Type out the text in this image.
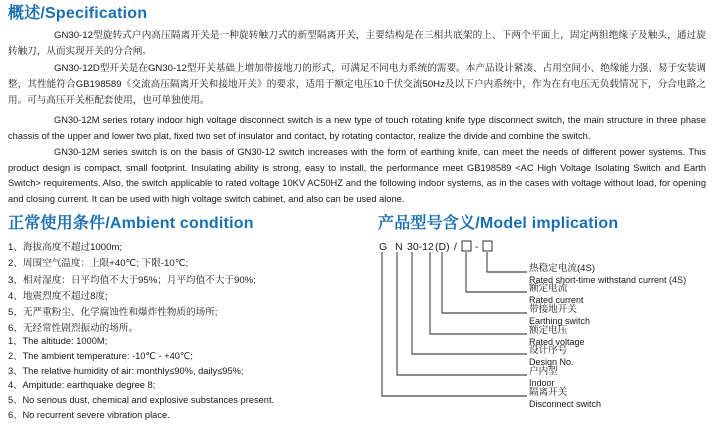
概述/Specification

GN30-12型旋转式户内高压隔离开关是一种旋转触刀式的新型隔离开关，主要结构是在三相共底架的上、下两个平面上，固定两组绝缘子及触头，通过旋转触刀，从而实现开关的分合闸。

GN30-12D型开关是在GN30-12型开关基础上增加带接地刀的形式，可满足不同电力系统的需要。本产品设计紧凑、占用空间小、绝缘能力强、易于安装调整，其性能符合GB198589《交流高压隔离开关和接地开关》的要求，适用于额定电压10千伏交流50Hz及以下户内系统中，作为在有电压无负载情况下，分合电路之用。可与高压开关柜配套使用，也可单独使用。

GN30-12M series rotary indoor high voltage disconnect switch is a new type of touch rotating knife type disconnect switch, the main structure in three phase chassis of the upper and lower two plat, fixed two set of insulator and contact, by rotating contactor, realize the divide and combine the switch.

GN30-12M series switch is on the basis of GN30-12 switch increases with the form of earthing knife, can meet the needs of different power systems. This product design is compact, small footprint. Insulating ability is strong, easy to install, the performance meet GB198589 <AC High Voltage Isolating Switch and Earth Switch> requirements. Also, the switch applicable to rated voltage 10KV AC50HZ and the following indoor systems, as in the cases with voltage without load, for opening and closing current. It can be used with high voltage switch cabinet, and also can be used alone.

正常使用条件/Ambient condition
1、海拔高度不超过1000m;
2、周围空气温度：上限+40℃; 下限-10℃;
3、相对湿度：日平均值不大于95%；月平均值不大于90%;
4、地震烈度不超过8度;
5、无严重粉尘、化学腐蚀性和爆炸性物质的场所;
6、无经常性剧烈振动的场所。
1、The altitude: 1000M;
2、The ambient temperature: -10℃ - +40℃;
3、The relative humidity of air: monthly≤90%, daily≤95%;
4、Ampitude: earthquake degree 8;
5、No serious dust, chemical and explosive substances present.
6、No recurrent severe vibration place.
产品型号含义/Model implication
G N 30-12 (D) / -
热稳定电流(4S)
Rated short-time withstand current (4S)
额定电流
Rated current
带接地开关
Earthing switch
额定电压
Rated voltage
设计序号
Design No.
户内型
Indoor
隔离开关
Disconnect switch
